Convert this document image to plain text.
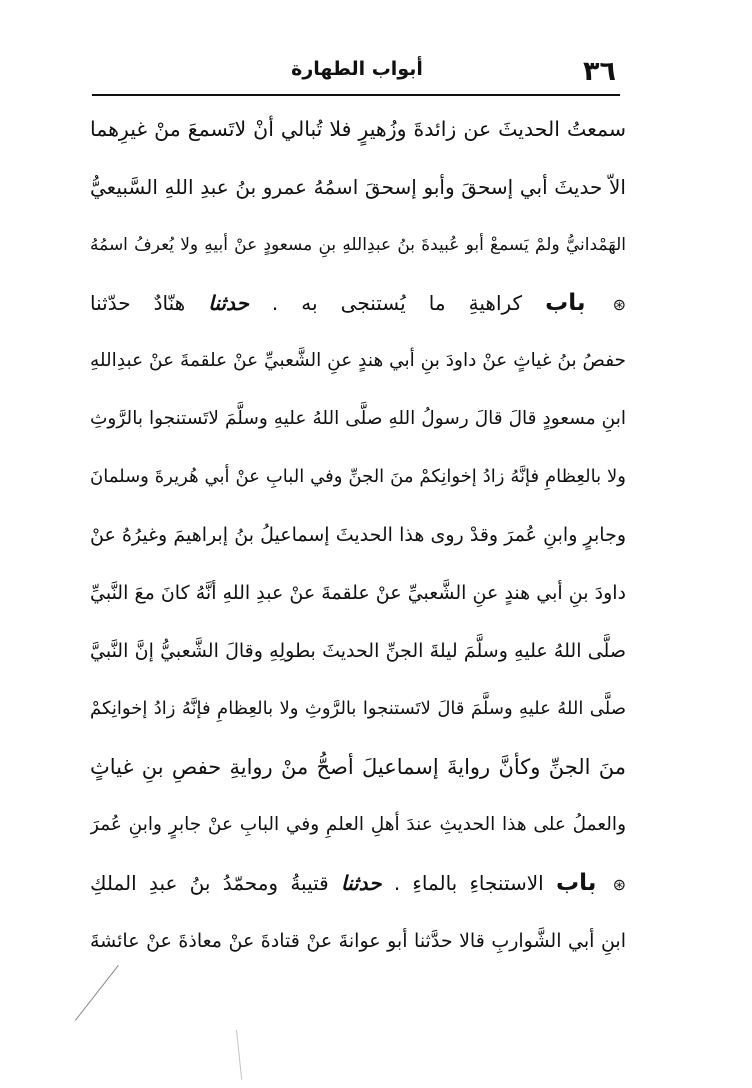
٣٦
أبواب الطهارة
سمعتُ الحديثَ عن زائدةَ وزُهيرٍ فلا تُبالي أنْ لاتَسمعَ منْ غيرِهما
الاّ حديثَ أبي إسحقَ وأبو إسحقَ اسمُهُ عمرو بنُ عبدِ اللهِ السَّبيعيُّ
الهَمْدانيُّ ولمْ يَسمعْ أبو عُبيدةَ بنُ عبدِاللهِ بنِ مسعودٍ عنْ أبيهِ ولا يُعرفُ اسمُهُ
⊛ باب كراهيةِ ما يُستنجى به . حدثنا هنّادٌ حدّثنا
حفصُ بنُ غياثٍ عنْ داودَ بنِ أبي هندٍ عنِ الشَّعبيِّ عنْ علقمةَ عنْ عبدِاللهِ
ابنِ مسعودٍ قالَ قالَ رسولُ اللهِ صلَّى اللهُ عليهِ وسلَّمَ لاتَستنجوا بالرَّوثِ
ولا بالعِظامِ فإنَّهُ زادُ إخوانِكمْ منَ الجنِّ وفي البابِ عنْ أبي هُريرةَ وسلمانَ
وجابرٍ وابنِ عُمرَ وقدْ روى هذا الحديثَ إسماعيلُ بنُ إبراهيمَ وغيرُهُ عنْ
داودَ بنِ أبي هندٍ عنِ الشَّعبيِّ عنْ علقمةَ عنْ عبدِ اللهِ أنَّهُ كانَ معَ النَّبيِّ
صلَّى اللهُ عليهِ وسلَّمَ ليلةَ الجنِّ الحديثَ بطولِهِ وقالَ الشَّعبيُّ إنَّ النَّبيَّ
صلَّى اللهُ عليهِ وسلَّمَ قالَ لاتَستنجوا بالرَّوثِ ولا بالعِظامِ فإنَّهُ زادُ إخوانِكمْ
منَ الجنِّ وكأنَّ روايةَ إسماعيلَ أصحُّ منْ روايةِ حفصِ بنِ غياثٍ
والعملُ على هذا الحديثِ عندَ أهلِ العلمِ وفي البابِ عنْ جابرٍ وابنِ عُمرَ
⊛ باب الاستنجاءِ بالماءِ . حدثنا قتيبةُ ومحمّدُ بنُ عبدِ الملكِ
ابنِ أبي الشَّواربِ قالا حدَّثنا أبو عوانةَ عنْ قتادةَ عنْ معاذةَ عنْ عائشةَ
